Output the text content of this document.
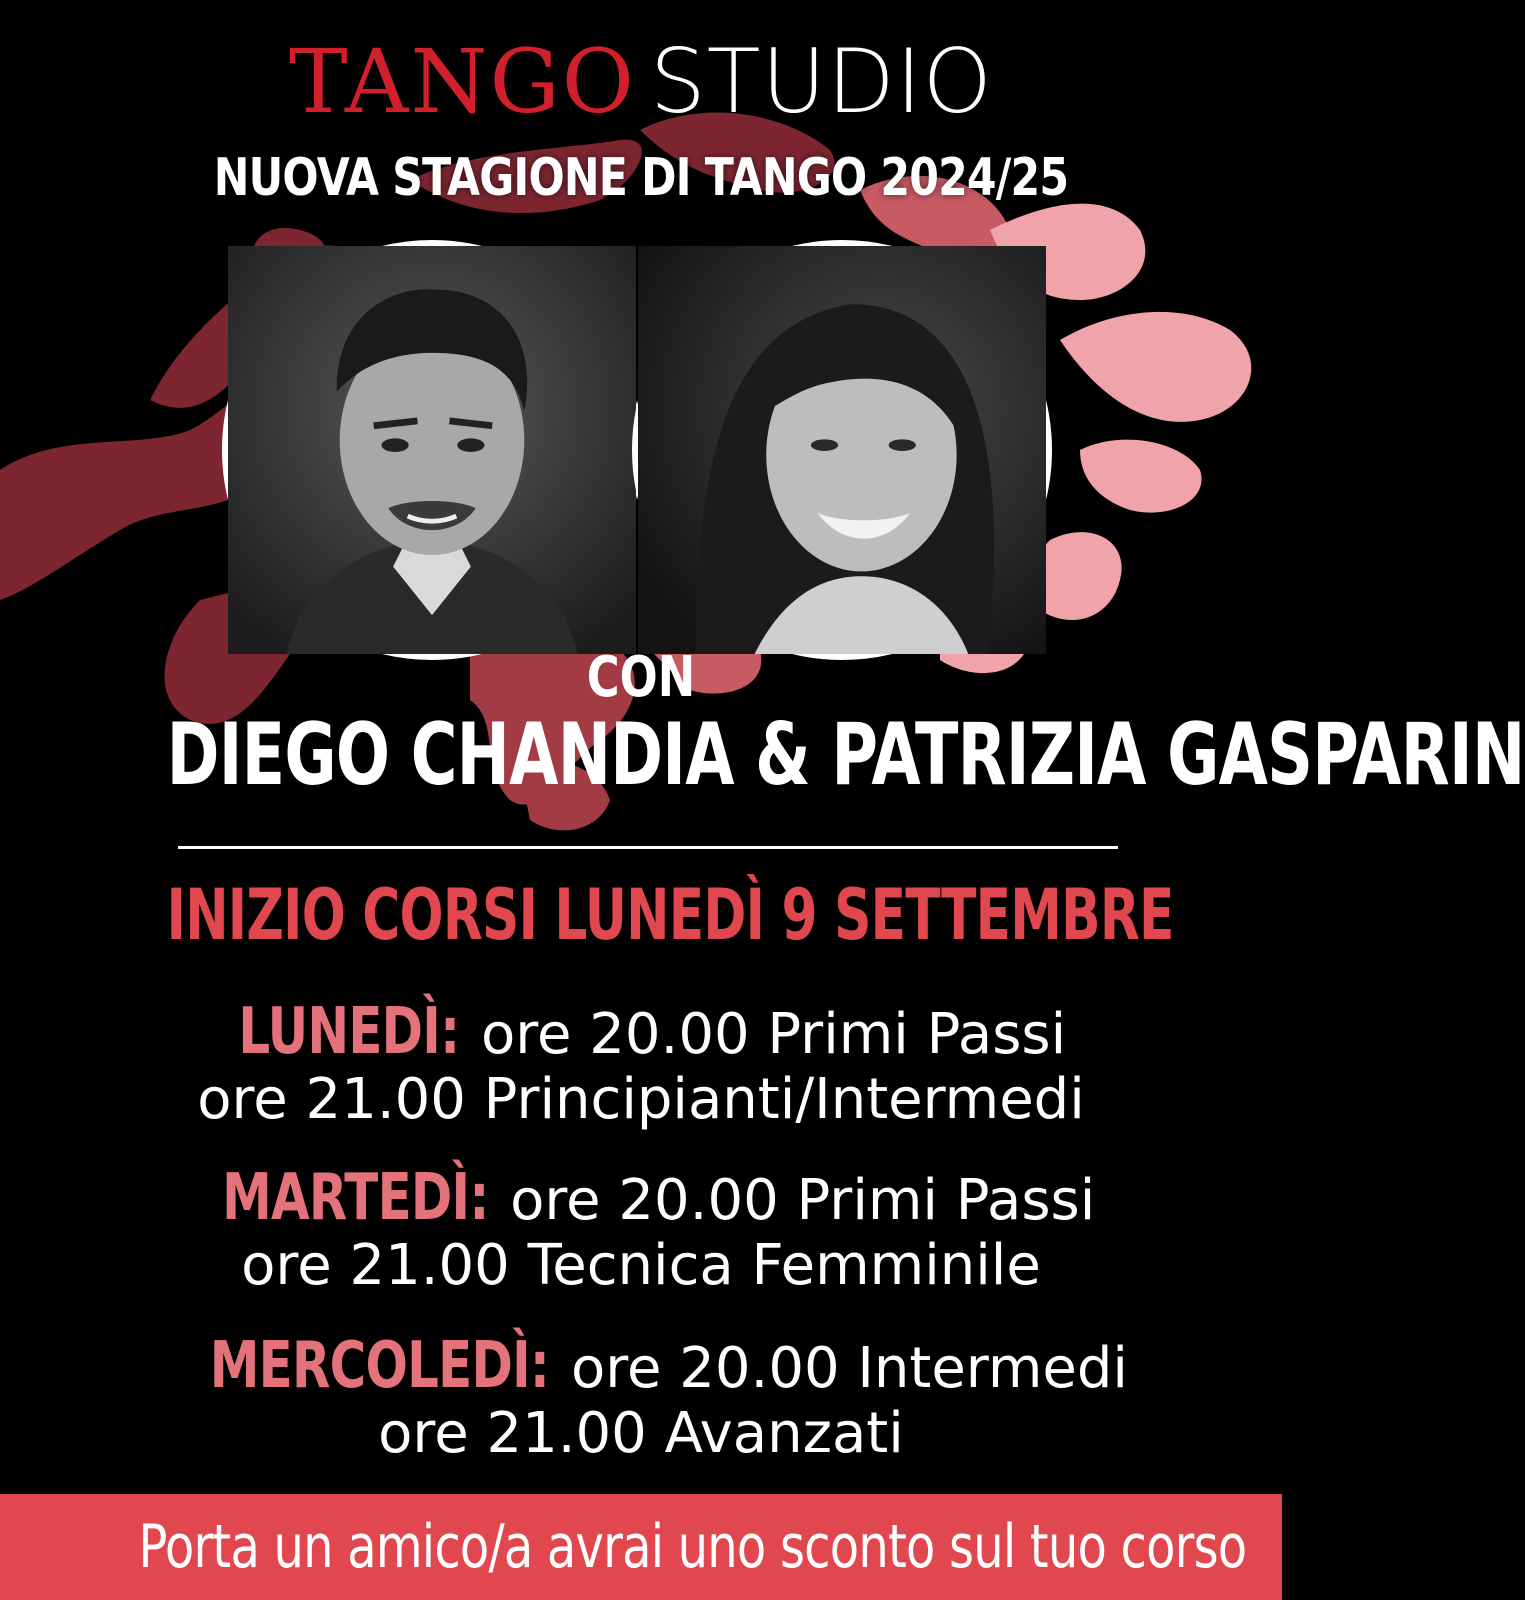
TANGO STUDIO
NUOVA STAGIONE DI TANGO 2024/25
CON
DIEGO CHANDIA & PATRIZIA GASPARIN
INIZIO CORSI LUNEDÌ 9 SETTEMBRE
LUNEDÌ: ore 20.00 Primi Passi
ore 21.00 Principianti/Intermedi
MARTEDÌ: ore 20.00 Primi Passi
ore 21.00 Tecnica Femminile
MERCOLEDÌ: ore 20.00 Intermedi
ore 21.00 Avanzati
Porta un amico/a avrai uno sconto sul tuo corso
